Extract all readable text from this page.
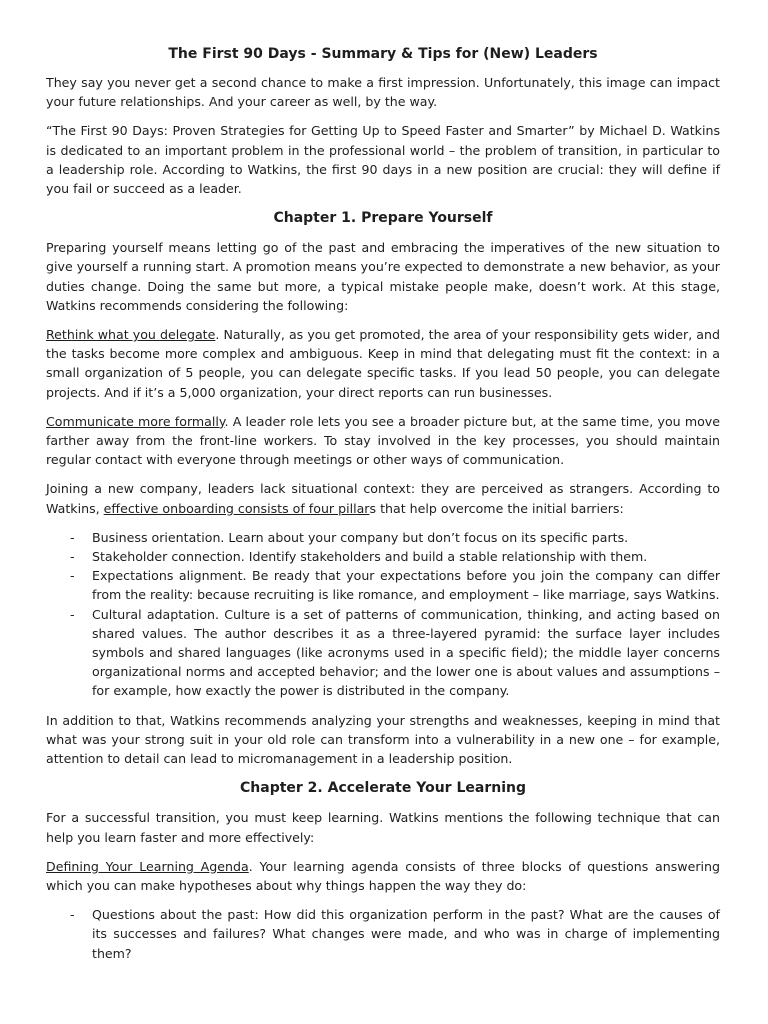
The First 90 Days - Summary & Tips for (New) Leaders

They say you never get a second chance to make a first impression. Unfortunately, this image can impact your future relationships. And your career as well, by the way.

“The First 90 Days: Proven Strategies for Getting Up to Speed Faster and Smarter” by Michael D. Watkins is dedicated to an important problem in the professional world – the problem of transition, in particular to a leadership role. According to Watkins, the first 90 days in a new position are crucial: they will define if you fail or succeed as a leader.

Chapter 1. Prepare Yourself

Preparing yourself means letting go of the past and embracing the imperatives of the new situation to give yourself a running start. A promotion means you’re expected to demonstrate a new behavior, as your duties change. Doing the same but more, a typical mistake people make, doesn’t work. At this stage, Watkins recommends considering the following:

Rethink what you delegate. Naturally, as you get promoted, the area of your responsibility gets wider, and the tasks become more complex and ambiguous. Keep in mind that delegating must fit the context: in a small organization of 5 people, you can delegate specific tasks. If you lead 50 people, you can delegate projects. And if it’s a 5,000 organization, your direct reports can run businesses.

Communicate more formally. A leader role lets you see a broader picture but, at the same time, you move farther away from the front-line workers. To stay involved in the key processes, you should maintain regular contact with everyone through meetings or other ways of communication.

Joining a new company, leaders lack situational context: they are perceived as strangers. According to Watkins, effective onboarding consists of four pillars that help overcome the initial barriers:

- Business orientation. Learn about your company but don’t focus on its specific parts.
- Stakeholder connection. Identify stakeholders and build a stable relationship with them.
- Expectations alignment. Be ready that your expectations before you join the company can differ from the reality: because recruiting is like romance, and employment – like marriage, says Watkins.
- Cultural adaptation. Culture is a set of patterns of communication, thinking, and acting based on shared values. The author describes it as a three-layered pyramid: the surface layer includes symbols and shared languages (like acronyms used in a specific field); the middle layer concerns organizational norms and accepted behavior; and the lower one is about values and assumptions – for example, how exactly the power is distributed in the company.

In addition to that, Watkins recommends analyzing your strengths and weaknesses, keeping in mind that what was your strong suit in your old role can transform into a vulnerability in a new one – for example, attention to detail can lead to micromanagement in a leadership position.

Chapter 2. Accelerate Your Learning

For a successful transition, you must keep learning. Watkins mentions the following technique that can help you learn faster and more effectively:

Defining Your Learning Agenda. Your learning agenda consists of three blocks of questions answering which you can make hypotheses about why things happen the way they do:

- Questions about the past: How did this organization perform in the past? What are the causes of its successes and failures? What changes were made, and who was in charge of implementing them?
